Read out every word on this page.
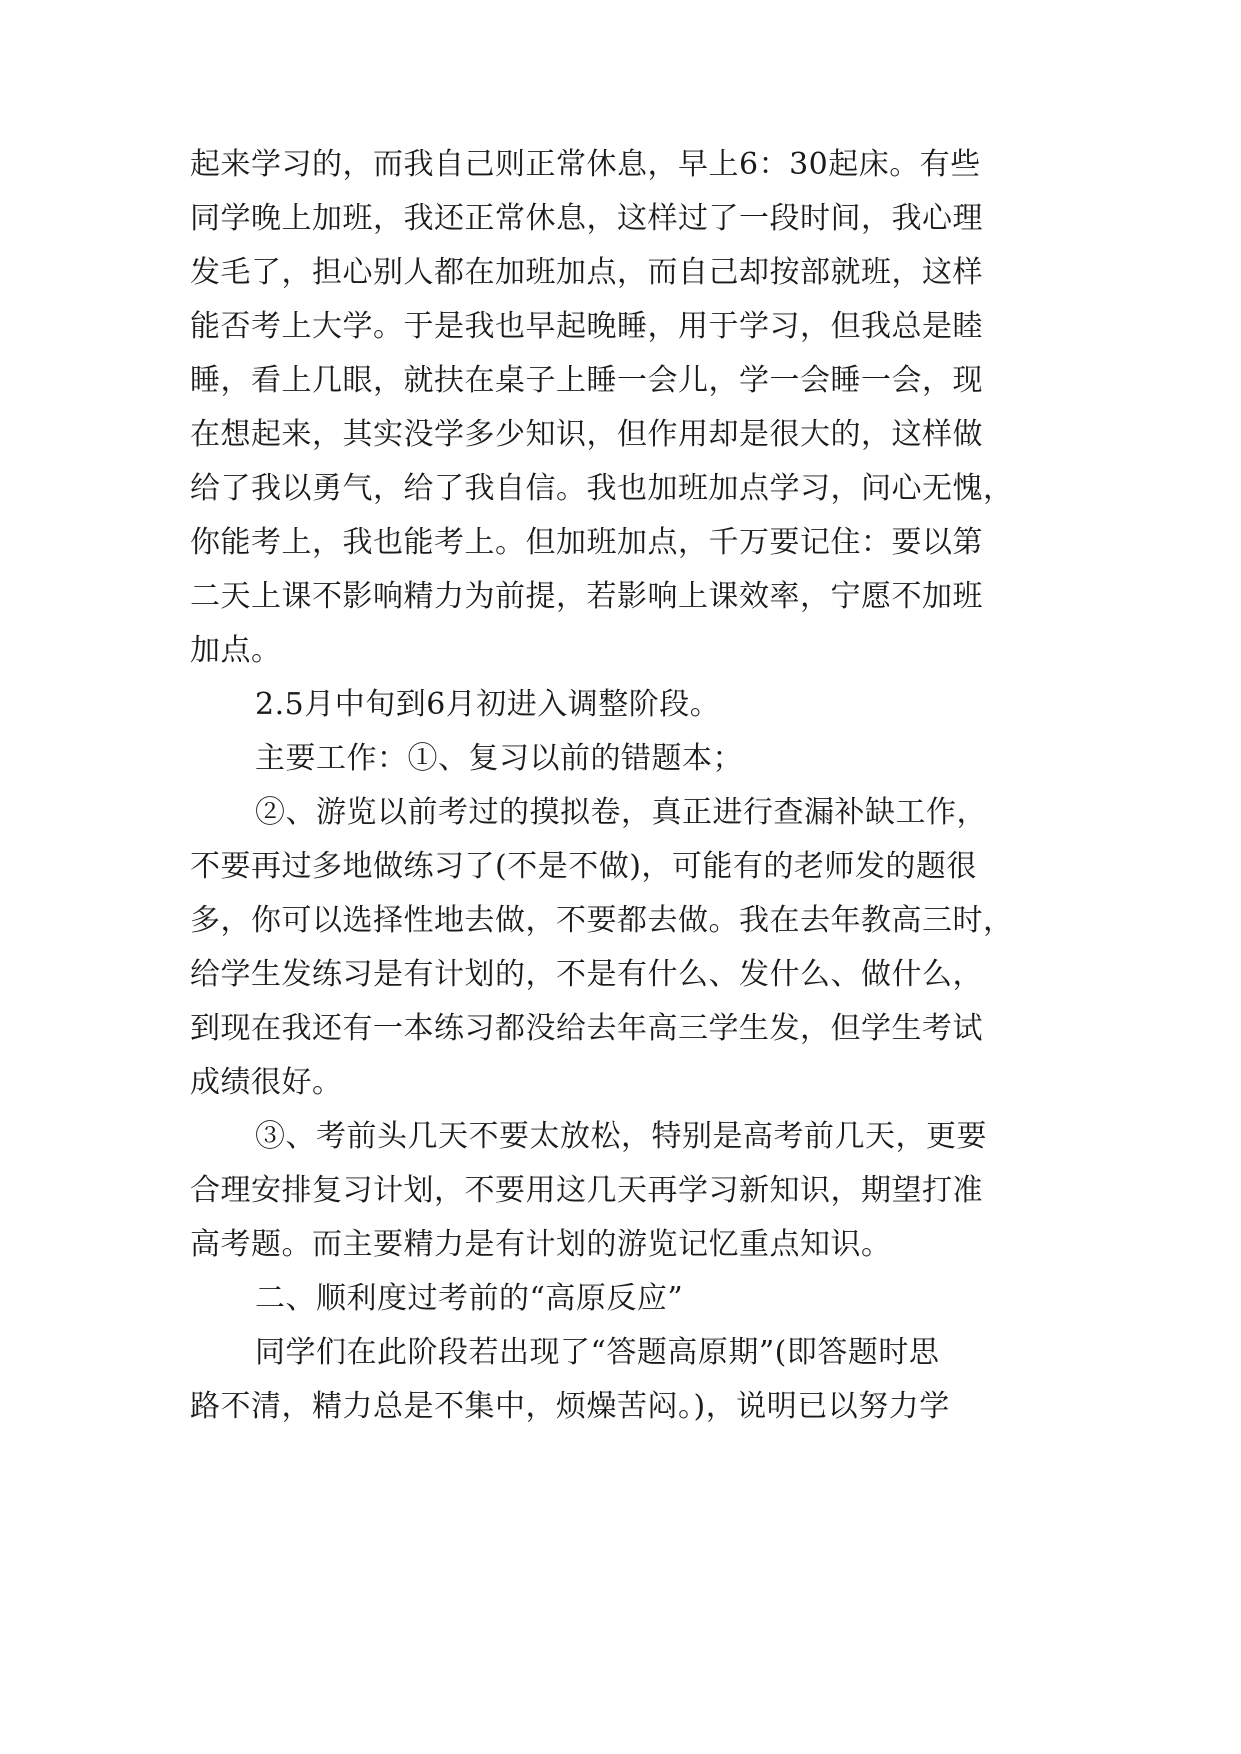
起来学习的，而我自己则正常休息，早上6：30起床。有些
同学晚上加班，我还正常休息，这样过了一段时间，我心理
发毛了，担心别人都在加班加点，而自己却按部就班，这样
能否考上大学。于是我也早起晚睡，用于学习，但我总是睦
睡，看上几眼，就扶在桌子上睡一会儿，学一会睡一会，现
在想起来，其实没学多少知识，但作用却是很大的，这样做
给了我以勇气，给了我自信。我也加班加点学习，问心无愧，
你能考上，我也能考上。但加班加点，千万要记住：要以第
二天上课不影响精力为前提，若影响上课效率，宁愿不加班
加点。
2.5月中旬到6月初进入调整阶段。
主要工作：①、复习以前的错题本；
②、游览以前考过的摸拟卷，真正进行查漏补缺工作，
不要再过多地做练习了(不是不做)，可能有的老师发的题很
多，你可以选择性地去做，不要都去做。我在去年教高三时，
给学生发练习是有计划的，不是有什么、发什么、做什么，
到现在我还有一本练习都没给去年高三学生发，但学生考试
成绩很好。
③、考前头几天不要太放松，特别是高考前几天，更要
合理安排复习计划，不要用这几天再学习新知识，期望打准
高考题。而主要精力是有计划的游览记忆重点知识。
二、顺利度过考前的“高原反应”
同学们在此阶段若出现了“答题高原期”(即答题时思
路不清，精力总是不集中，烦燥苦闷。)，说明已以努力学
